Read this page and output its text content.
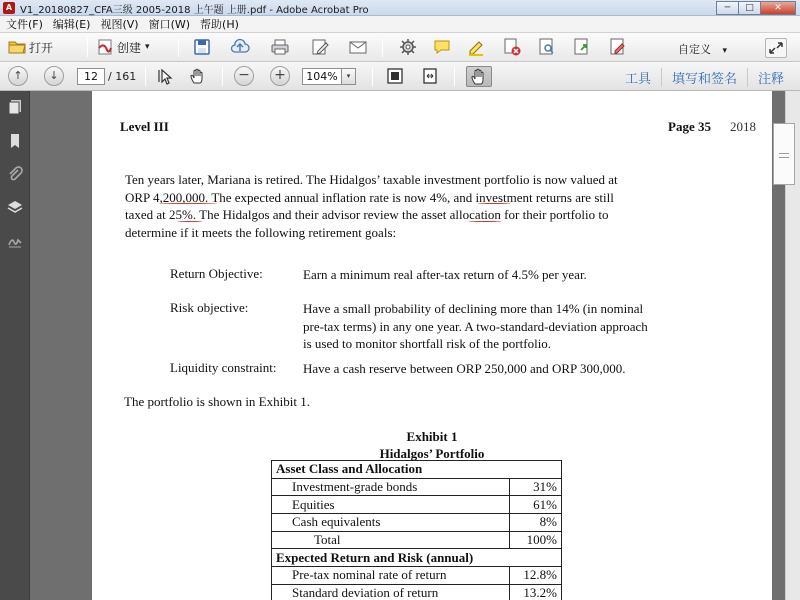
A V1_20180827_CFA三级 2005-2018 上午题 上册.pdf - Adobe Acrobat Pro	─	□	✕
文件(F) 编辑(E) 视图(V) 窗口(W) 帮助(H)
打开	创建 ▾	自定义 ▾
↑	↓	12 / 161	− +	104%	▾	工具	填写和签名	注释
Level III	Page 35 2018
Ten years later, Mariana is retired. The Hidalgos’ taxable investment portfolio is now valued at
ORP 4,200,000. The expected annual inflation rate is now 4%, and investment returns are still
taxed at 25%. The Hidalgos and their advisor review the asset allocation for their portfolio to
determine if it meets the following retirement goals:
Return Objective:	Earn a minimum real after-tax return of 4.5% per year.
Risk objective:	Have a small probability of declining more than 14% (in nominal
pre-tax terms) in any one year. A two-standard-deviation approach
is used to monitor shortfall risk of the portfolio.
Liquidity constraint: Have a cash reserve between ORP 250,000 and ORP 300,000.
The portfolio is shown in Exhibit 1.
Exhibit 1
Hidalgos’ Portfolio
Asset Class and Allocation	
Investment-grade bonds	31%
Equities	61%
Cash equivalents	8%
Total	100%
Expected Return and Risk (annual)	
Pre-tax nominal rate of return	12.8%
Standard deviation of return	13.2%
